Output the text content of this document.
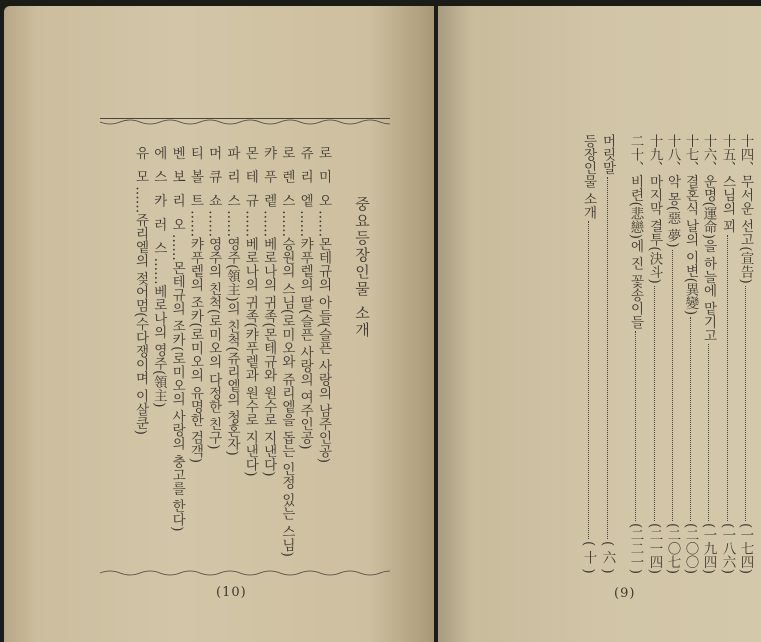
중요등장인물 소개
로 미 오……몬테규의 아들(슬픈 사랑의 남주인공)
쥬 리 엩……캬푸렡의 딸(슬픈 사랑의 여주인공)
로 렌 스……승원의 스님(로미오와 쥬리엩을 돕는 인정 있는 스님)
캬 푸 렡……베로나의 귀족(몬테규와 원수로 지낸다)
몬 테 규……베로나의 귀족(캬푸렡과 원수로 지낸다)
파 리 스……영주(領主)의 친척(쥬리엩의 청혼자)
머 큐 쇼……영주의 친척(로미오의 다정한 친구)
티 볼 트……캬푸렡의 조카(로미오의 유명한 검객)
벤 보 리 오……몬테규의 조카(로미오의 사랑의 충고를 한다)
에 스 카 러 스……베로나의 영주(領主)
유 모……쥬리엩의 젖어멈(수다쟁이며 이살쿤)
(10)
十四、무서운 선고(宣告)
(一七四)
十五、스님의 꾀
(一八六)
十六、운명(運命)을 하늘에 맡기고
(一九四)
十七、결혼식 날의 이변(異變)
(二〇〇)
十八、악 몽(惡 夢)
(二〇七)
十九、마지막 결투(決斗)
(二一四)
二十、비련(悲戀)에 진 꽃송이들
(二二一)
머릿말
( 六 )
등장인물 소개
( 十 )
(9)
